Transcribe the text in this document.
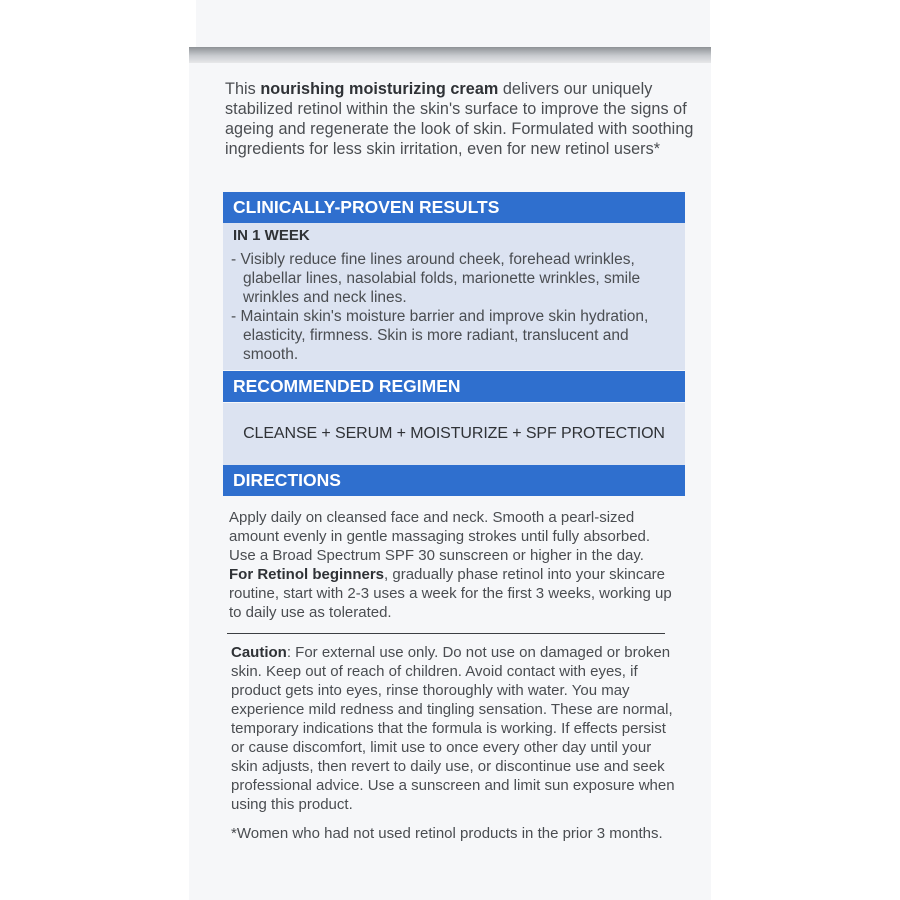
This nourishing moisturizing cream delivers our uniquely stabilized retinol within the skin's surface to improve the signs of ageing and regenerate the look of skin. Formulated with soothing ingredients for less skin irritation, even for new retinol users*

CLINICALLY-PROVEN RESULTS
IN 1 WEEK
- Visibly reduce fine lines around cheek, forehead wrinkles, glabellar lines, nasolabial folds, marionette wrinkles, smile wrinkles and neck lines.
- Maintain skin's moisture barrier and improve skin hydration, elasticity, firmness. Skin is more radiant, translucent and smooth.
RECOMMENDED REGIMEN
CLEANSE + SERUM + MOISTURIZE + SPF PROTECTION
DIRECTIONS

Apply daily on cleansed face and neck. Smooth a pearl-sized amount evenly in gentle massaging strokes until fully absorbed. Use a Broad Spectrum SPF 30 sunscreen or higher in the day.
For Retinol beginners, gradually phase retinol into your skincare routine, start with 2-3 uses a week for the first 3 weeks, working up to daily use as tolerated.

Caution: For external use only. Do not use on damaged or broken skin. Keep out of reach of children. Avoid contact with eyes, if product gets into eyes, rinse thoroughly with water. You may experience mild redness and tingling sensation. These are normal, temporary indications that the formula is working. If effects persist or cause discomfort, limit use to once every other day until your skin adjusts, then revert to daily use, or discontinue use and seek professional advice. Use a sunscreen and limit sun exposure when using this product.

*Women who had not used retinol products in the prior 3 months.
